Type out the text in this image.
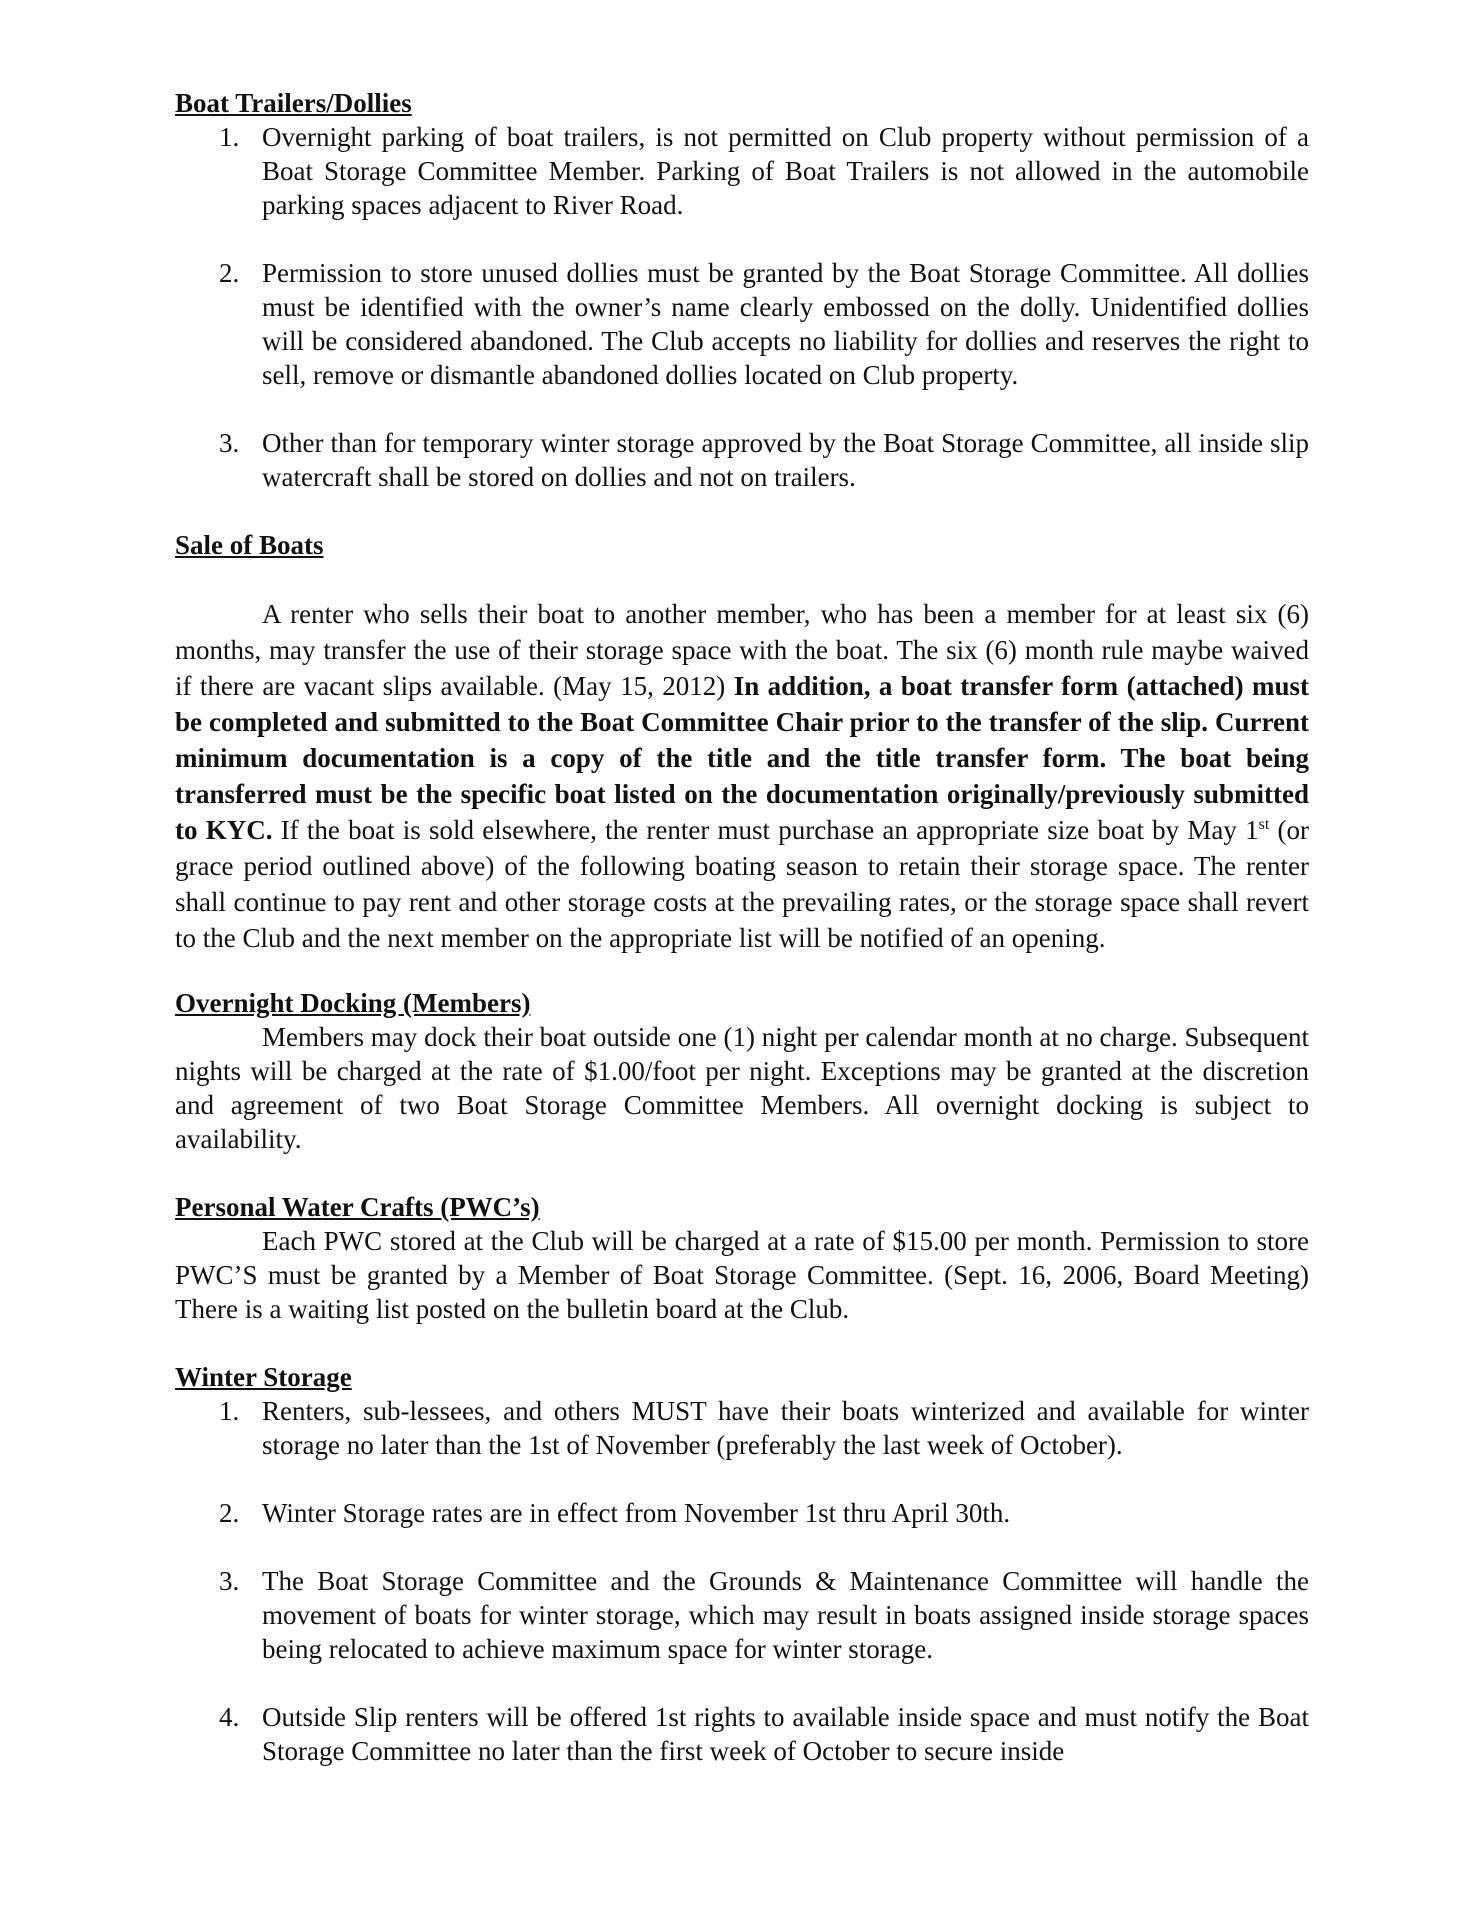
Boat Trailers/Dollies

1. Overnight parking of boat trailers, is not permitted on Club property without permission of a Boat Storage Committee Member. Parking of Boat Trailers is not allowed in the automobile parking spaces adjacent to River Road.
2. Permission to store unused dollies must be granted by the Boat Storage Committee. All dollies must be identified with the owner’s name clearly embossed on the dolly. Unidentified dollies will be considered abandoned. The Club accepts no liability for dollies and reserves the right to sell, remove or dismantle abandoned dollies located on Club property.
3. Other than for temporary winter storage approved by the Boat Storage Committee, all inside slip watercraft shall be stored on dollies and not on trailers.

Sale of Boats

A renter who sells their boat to another member, who has been a member for at least six (6) months, may transfer the use of their storage space with the boat. The six (6) month rule maybe waived if there are vacant slips available. (May 15, 2012) In addition, a boat transfer form (attached) must be completed and submitted to the Boat Committee Chair prior to the transfer of the slip. Current minimum documentation is a copy of the title and the title transfer form. The boat being transferred must be the specific boat listed on the documentation originally/previously submitted to KYC. If the boat is sold elsewhere, the renter must purchase an appropriate size boat by May 1st (or grace period outlined above) of the following boating season to retain their storage space. The renter shall continue to pay rent and other storage costs at the prevailing rates, or the storage space shall revert to the Club and the next member on the appropriate list will be notified of an opening.

Overnight Docking (Members)

Members may dock their boat outside one (1) night per calendar month at no charge. Subsequent nights will be charged at the rate of $1.00/foot per night. Exceptions may be granted at the discretion and agreement of two Boat Storage Committee Members. All overnight docking is subject to availability.

Personal Water Crafts (PWC’s)

Each PWC stored at the Club will be charged at a rate of $15.00 per month. Permission to store PWC’S must be granted by a Member of Boat Storage Committee. (Sept. 16, 2006, Board Meeting) There is a waiting list posted on the bulletin board at the Club.

Winter Storage

1. Renters, sub-lessees, and others MUST have their boats winterized and available for winter storage no later than the 1st of November (preferably the last week of October).
2. Winter Storage rates are in effect from November 1st thru April 30th.
3. The Boat Storage Committee and the Grounds & Maintenance Committee will handle the movement of boats for winter storage, which may result in boats assigned inside storage spaces being relocated to achieve maximum space for winter storage.
4. Outside Slip renters will be offered 1st rights to available inside space and must notify the Boat Storage Committee no later than the first week of October to secure inside
